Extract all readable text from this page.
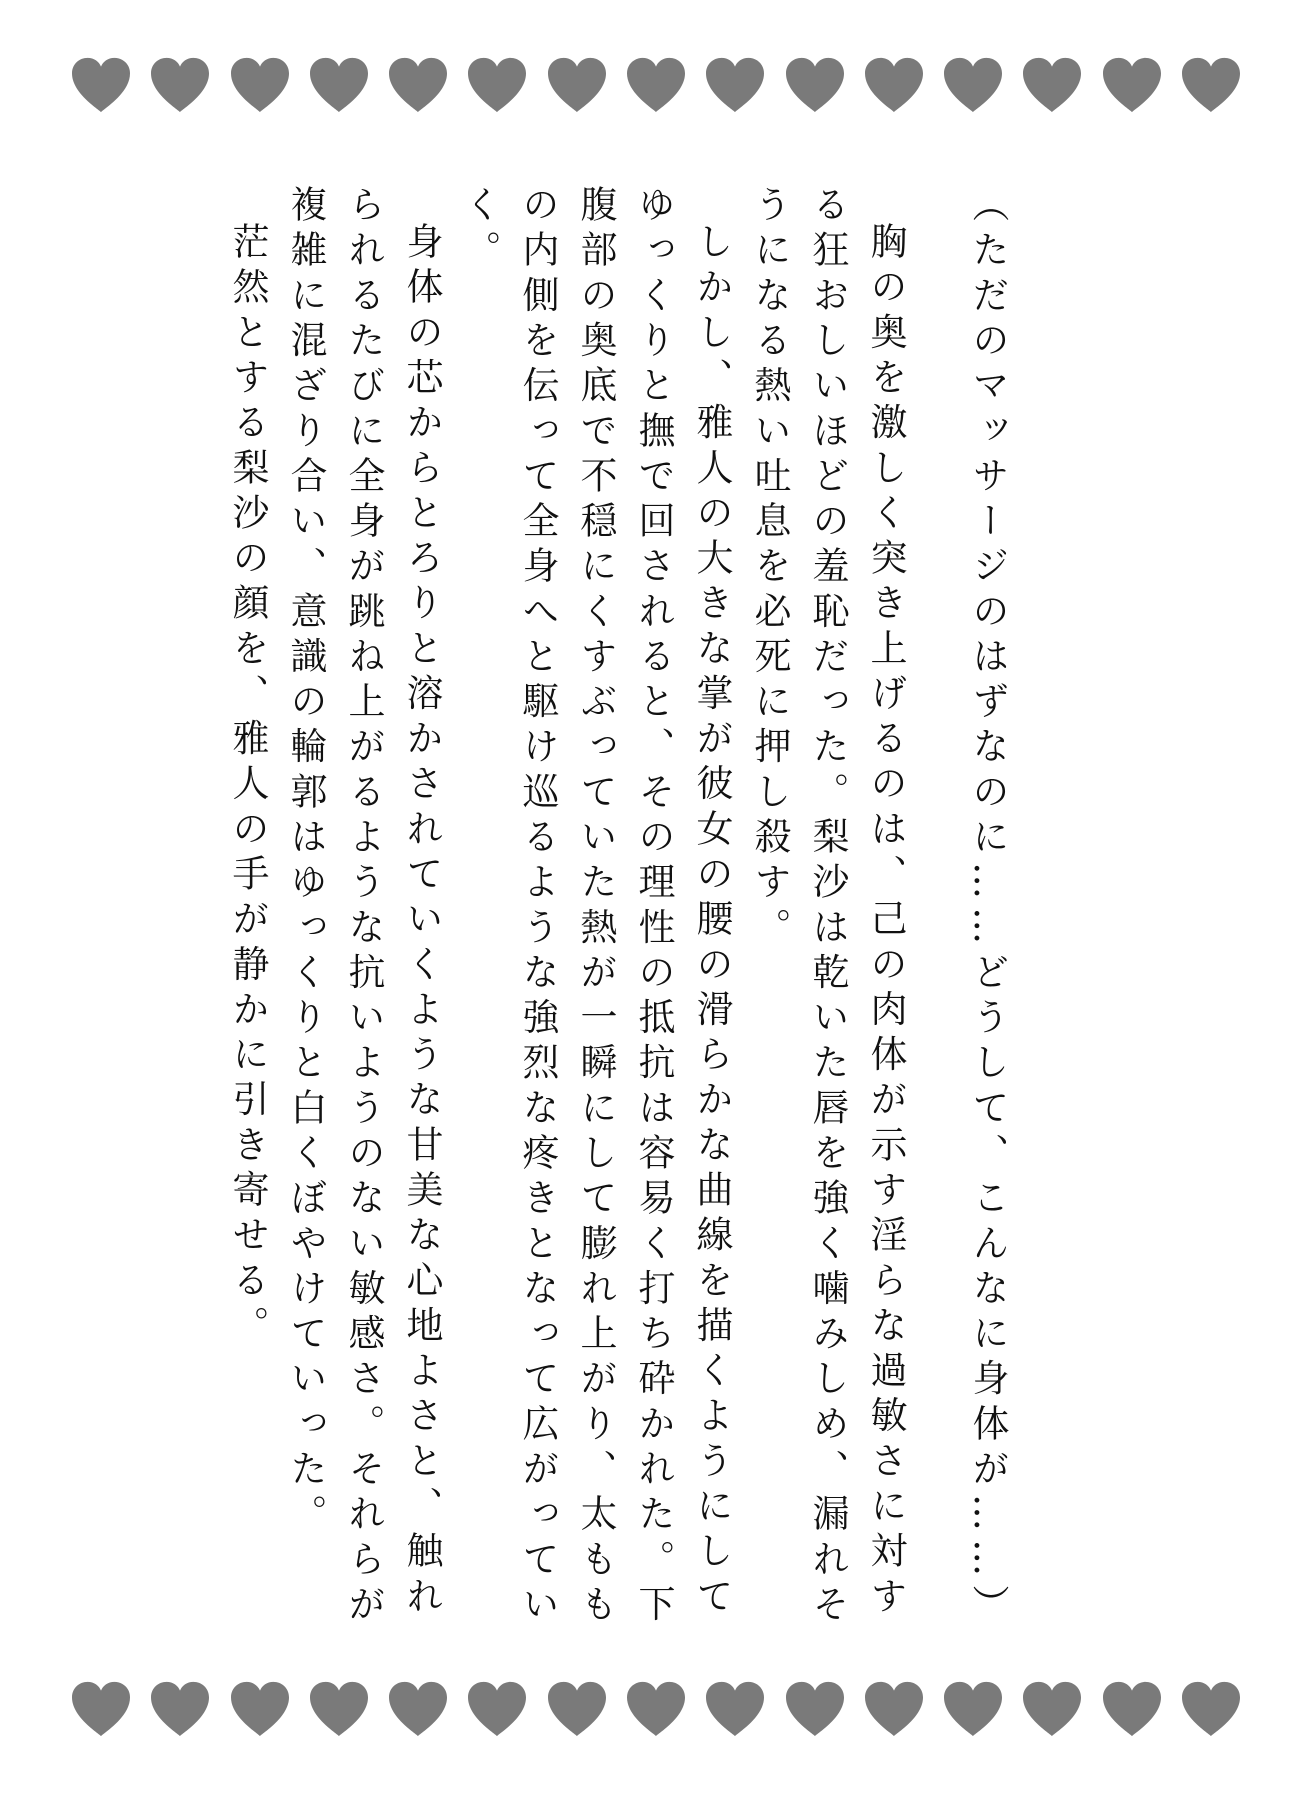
（ただのマッサージのはずなのに……どうして、こんなに身体が……）

胸の奥を激しく突き上げるのは、己の肉体が示す淫らな過敏さに対する狂おしいほどの羞恥だった。梨沙は乾いた唇を強く噛みしめ、漏れそうになる熱い吐息を必死に押し殺す。

しかし、雅人の大きな掌が彼女の腰の滑らかな曲線を描くようにしてゆっくりと撫で回されると、その理性の抵抗は容易く打ち砕かれた。下腹部の奥底で不穏にくすぶっていた熱が一瞬にして膨れ上がり、太ももの内側を伝って全身へと駆け巡るような強烈な疼きとなって広がっていく。

身体の芯からとろりと溶かされていくような甘美な心地よさと、触れられるたびに全身が跳ね上がるような抗いようのない敏感さ。それらが複雑に混ざり合い、意識の輪郭はゆっくりと白くぼやけていった。

茫然とする梨沙の顔を、雅人の手が静かに引き寄せる。
